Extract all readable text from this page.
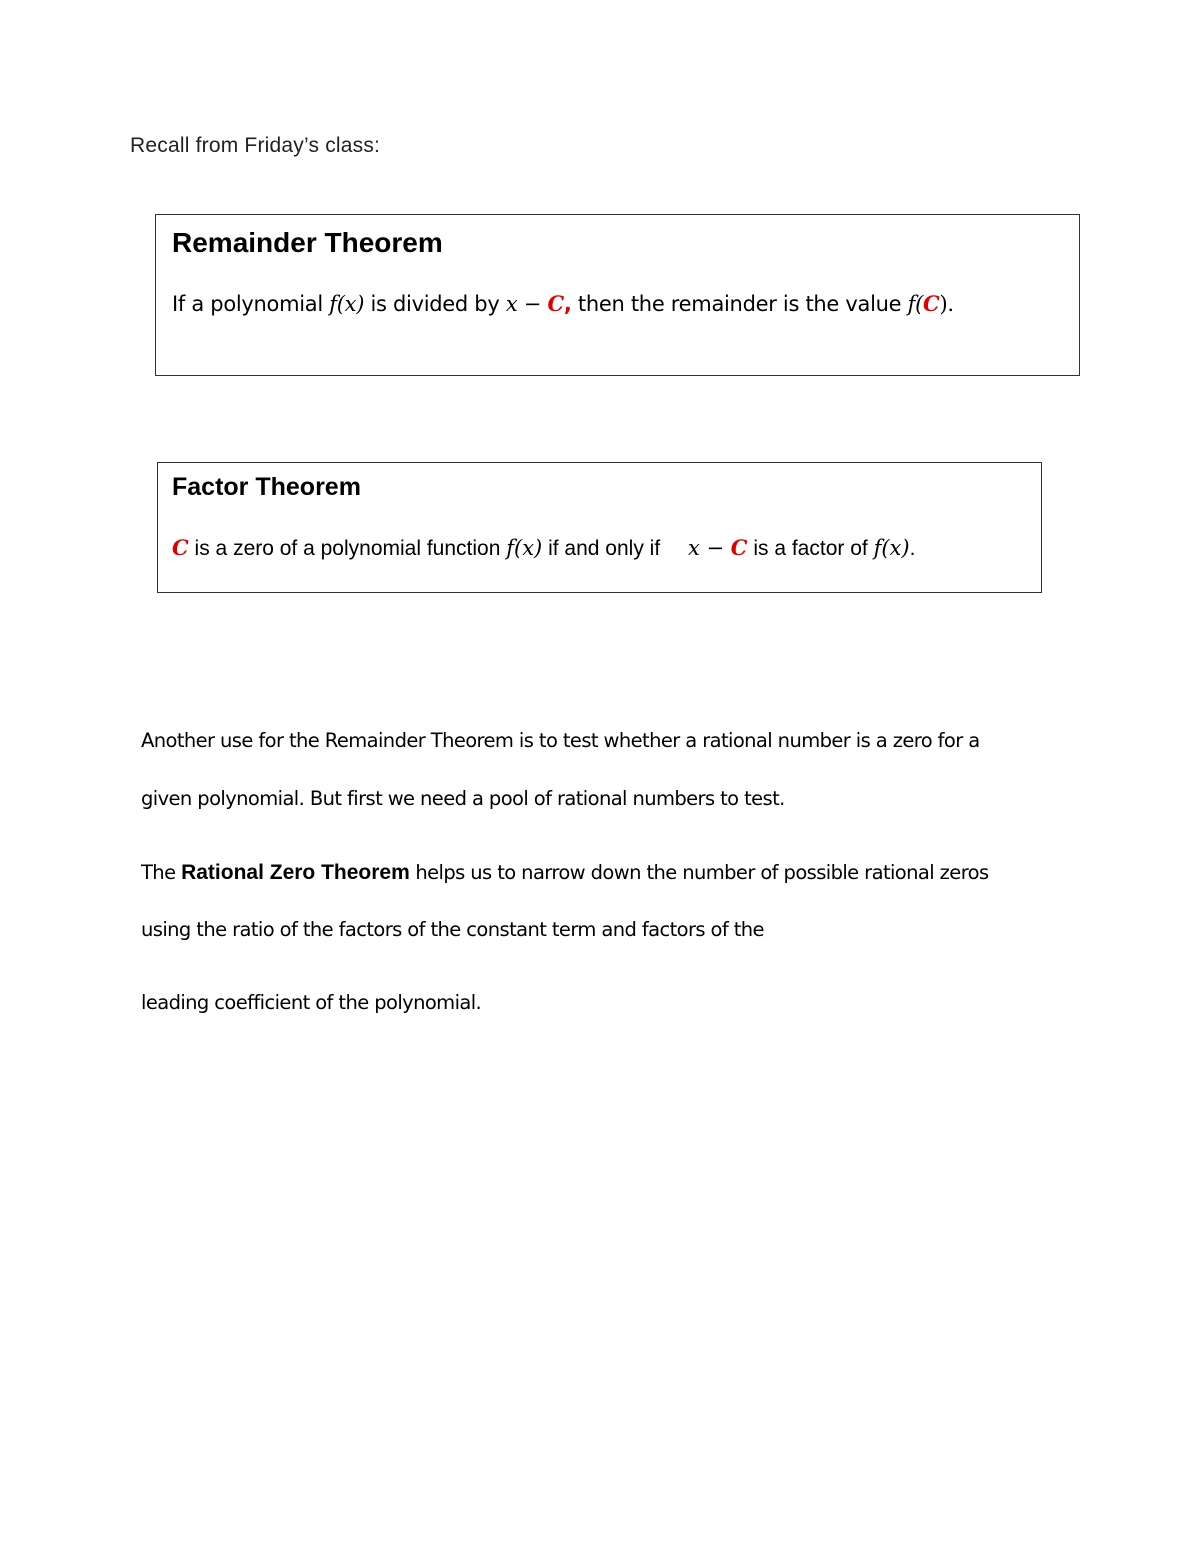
Recall from Friday’s class:
Remainder Theorem
If a polynomial f(x) is divided by x − C, then the remainder is the value f(C).
Factor Theorem
C is a zero of a polynomial function f(x) if and only if x − C is a factor of f(x).
Another use for the Remainder Theorem is to test whether a rational number is a zero for a
given polynomial. But first we need a pool of rational numbers to test.
The Rational Zero Theorem helps us to narrow down the number of possible rational zeros
using the ratio of the factors of the constant term and factors of the
leading coefficient of the polynomial.
